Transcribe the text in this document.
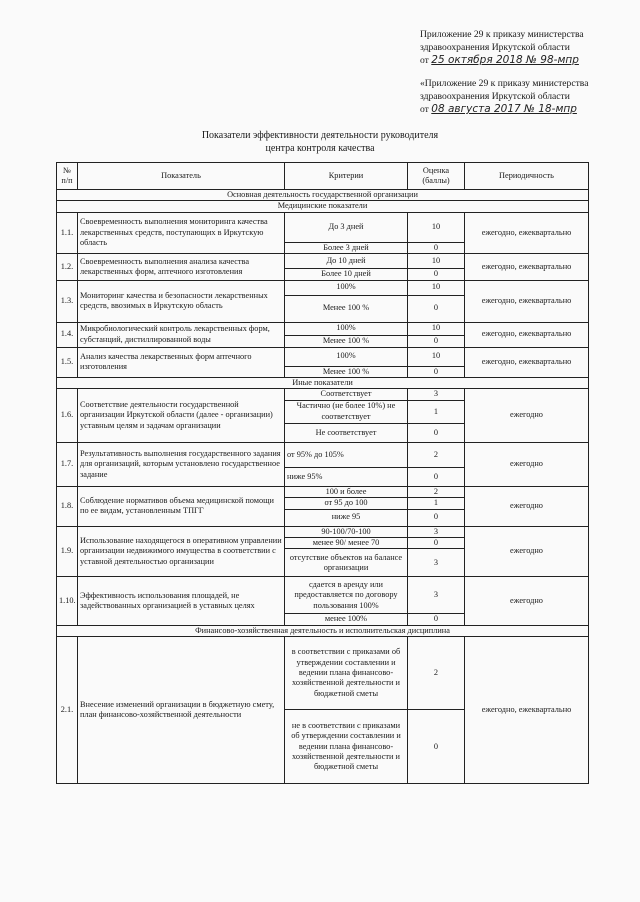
Приложение 29 к приказу министерства
здравоохранения Иркутской области
от 25 октября 2018 № 98-мпр
«Приложение 29 к приказу министерства
здравоохранения Иркутской области
от 08 августа 2017 № 18-мпр
Показатели эффективности деятельности руководителя
центра контроля качества
№ п/п	Показатель	Критерии	Оценка (баллы)	Периодичность
Основная деятельность государственной организации				
Медицинские показатели				
1.1.	Своевременность выполнения мониторинга качества лекарственных средств, поступающих в Иркутскую область	До 3 дней	10	ежегодно, ежеквартально
		Более 3 дней	0	
1.2.	Своевременность выполнения анализа качества лекарственных форм, аптечного изготовления	До 10 дней	10	ежегодно, ежеквартально
		Более 10 дней	0	
1.3.	Мониторинг качества и безопасности лекарственных средств, ввозимых в Иркутскую область	100%	10	ежегодно, ежеквартально
		Менее 100 %	0	
1.4.	Микробиологический контроль лекарственных форм, субстанций, дистиллированной воды	100%	10	ежегодно, ежеквартально
		Менее 100 %	0	
1.5.	Анализ качества лекарственных форм аптечного изготовления	100%	10	ежегодно, ежеквартально
		Менее 100 %	0	
Иные показатели				
1.6.	Соответствие деятельности государственной организации Иркутской области (далее - организации) уставным целям и задачам организации	Соответствует	3	ежегодно
		Частично (не более 10%) не соответствует	1	
		Не соответствует	0	
1.7.	Результативность выполнения государственного задания для организаций, которым установлено государственное задание	от 95% до 105%	2	ежегодно
		ниже 95%	0	
1.8.	Соблюдение нормативов объема медицинской помощи по ее видам, установленным ТПГГ	100 и более	2	ежегодно
		от 95 до 100	1	
		ниже 95	0	
1.9.	Использование находящегося в оперативном управлении организации недвижимого имущества в соответствии с уставной деятельностью организации	90-100/70-100	3	ежегодно
		менее 90/ менее 70	0	
		отсутствие объектов на балансе организации	3	
1.10.	Эффективность использования площадей, не задействованных организацией в уставных целях	сдается в аренду или предоставляется по договору пользования 100%	3	ежегодно
		менее 100%	0	
Финансово-хозяйственная деятельность и исполнительская дисциплина				
2.1.	Внесение изменений организации в бюджетную смету, план финансово-хозяйственной деятельности	в соответствии с приказами об утверждении составлении и ведении плана финансово-хозяйственной деятельности и бюджетной сметы	2	ежегодно, ежеквартально
		не в соответствии с приказами об утверждении составлении и ведении плана финансово-хозяйственной деятельности и бюджетной сметы	0	
